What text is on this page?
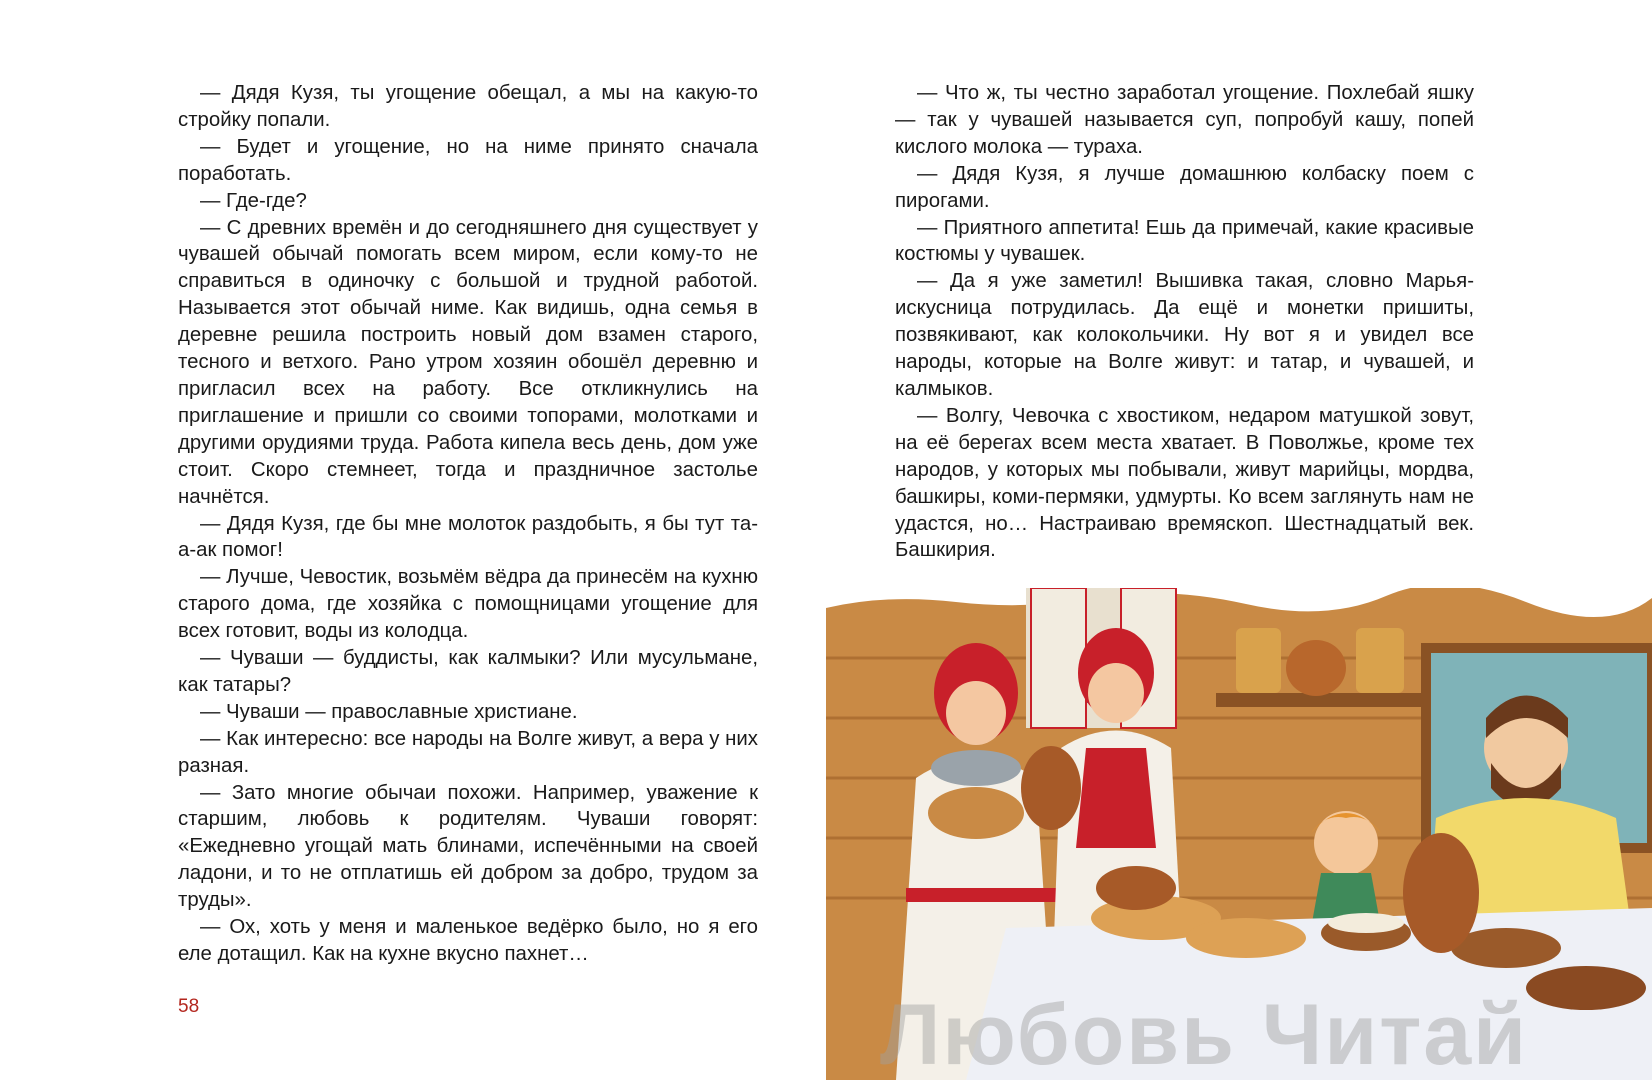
— Дядя Кузя, ты угощение обещал, а мы на какую-то стройку попали.

— Будет и угощение, но на ниме принято сначала поработать.

— Где-где?

— С древних времён и до сегодняшнего дня существует у чувашей обычай помогать всем миром, если кому-то не справиться в одиночку с большой и трудной работой. Называется этот обычай ниме. Как видишь, одна семья в деревне решила построить новый дом взамен старого, тесного и ветхого. Рано утром хозяин обошёл деревню и пригласил всех на работу. Все откликнулись на приглашение и пришли со своими топорами, молотками и другими орудиями труда. Работа кипела весь день, дом уже стоит. Скоро стемнеет, тогда и праздничное застолье начнётся.

— Дядя Кузя, где бы мне молоток раздобыть, я бы тут та-а-ак помог!

— Лучше, Чевостик, возьмём вёдра да принесём на кухню старого дома, где хозяйка с помощницами угощение для всех готовит, воды из колодца.

— Чуваши — буддисты, как калмыки? Или мусульмане, как татары?

— Чуваши — православные христиане.

— Как интересно: все народы на Волге живут, а вера у них разная.

— Зато многие обычаи похожи. Например, уважение к старшим, любовь к родителям. Чуваши говорят: «Ежедневно угощай мать блинами, испечёнными на своей ладони, и то не отплатишь ей добром за добро, трудом за труды».

— Ох, хоть у меня и маленькое ведёрко было, но я его еле дотащил. Как на кухне вкусно пахнет…

58

— Что ж, ты честно заработал угощение. Похлебай яшку — так у чувашей называется суп, попробуй кашу, попей кислого молока — тураха.

— Дядя Кузя, я лучше домашнюю колбаску поем с пирогами.

— Приятного аппетита! Ешь да примечай, какие красивые костюмы у чувашек.

— Да я уже заметил! Вышивка такая, словно Марья-искусница потрудилась. Да ещё и монетки пришиты, позвякивают, как колокольчики. Ну вот я и увидел все народы, которые на Волге живут: и татар, и чувашей, и калмыков.

— Волгу, Чевочка с хвостиком, недаром матушкой зовут, на её берегах всем места хватает. В Поволжье, кроме тех народов, у которых мы побывали, живут марийцы, мордва, башкиры, коми-пермяки, удмурты. Ко всем заглянуть нам не удастся, но… Настраиваю времяскоп. Шестнадцатый век. Башкирия.

Любовь Читай
